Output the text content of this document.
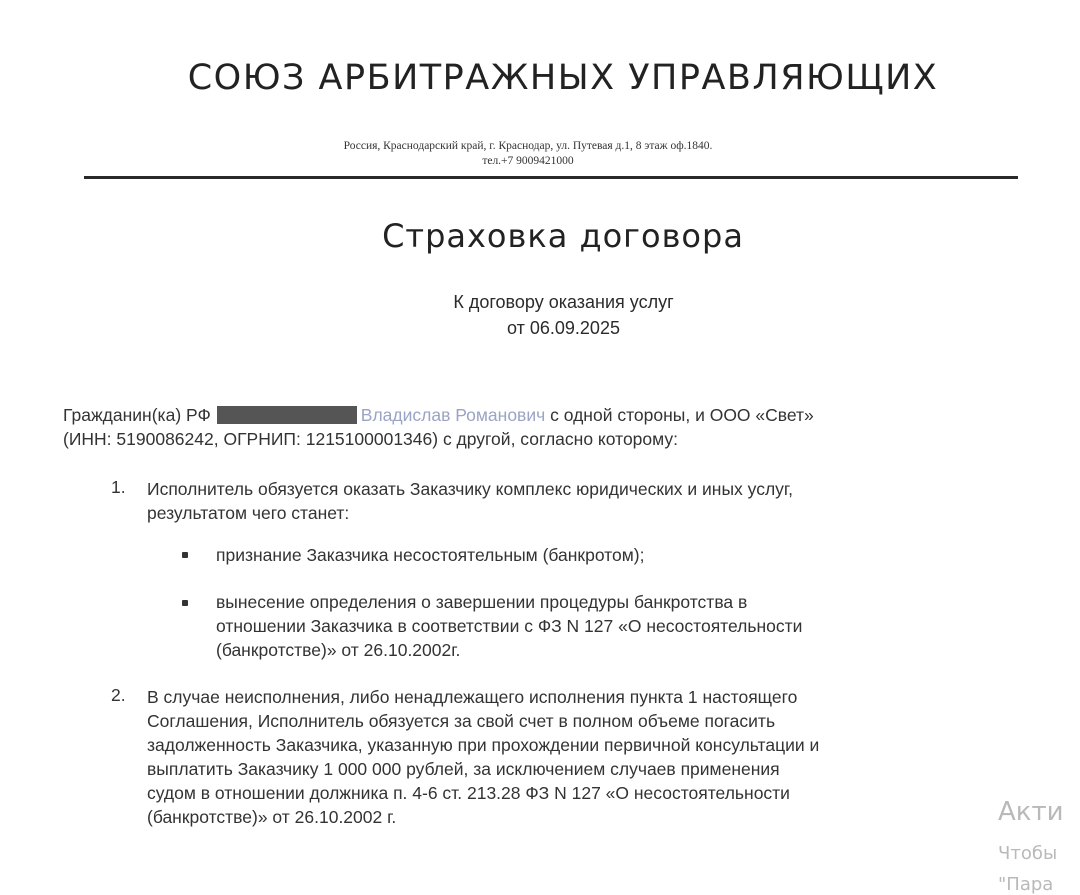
СОЮЗ АРБИТРАЖНЫХ УПРАВЛЯЮЩИХ
Россия, Краснодарский край, г. Краснодар, ул. Путевая д.1, 8 этаж оф.1840.
тел.+7 9009421000
Страховка договора
К договору оказания услуг
от 06.09.2025
Гражданин(ка) РФ	Владислав Романович с одной стороны, и ООО «Свет»
(ИНН: 5190086242, ОГРНИП: 1215100001346) с другой, согласно которому:
1. Исполнитель обязуется оказать Заказчику комплекс юридических и иных услуг,
результатом чего станет:
признание Заказчика несостоятельным (банкротом);
вынесение определения о завершении процедуры банкротства в
отношении Заказчика в соответствии с ФЗ N 127 «О несостоятельности
(банкротстве)» от 26.10.2002г.
2. В случае неисполнения, либо ненадлежащего исполнения пункта 1 настоящего
Соглашения, Исполнитель обязуется за свой счет в полном объеме погасить
задолженность Заказчика, указанную при прохождении первичной консультации и
выплатить Заказчику 1 000 000 рублей, за исключением случаев применения
судом в отношении должника п. 4-6 ст. 213.28 ФЗ N 127 «О несостоятельности
(банкротстве)» от 26.10.2002 г.	Акти
Чтобы
"Пара
